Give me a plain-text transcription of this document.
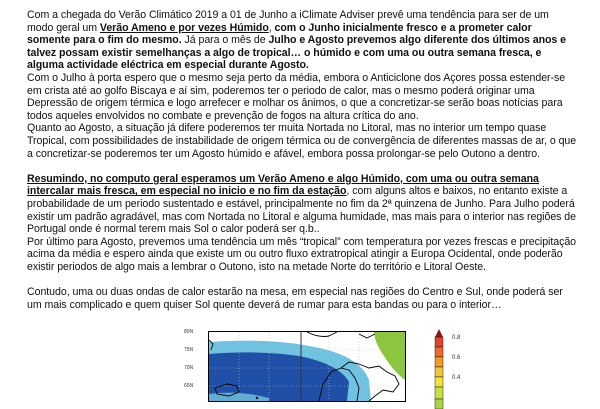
Com a chegada do Verão Climático 2019 a 01 de Junho a iClimate Adviser prevê uma tendência para ser de um modo geral um Verão Ameno e por vezes Húmido, com o Junho inicialmente fresco e a prometer calor somente para o fim do mesmo. Já para o mês de Julho e Agosto prevemos algo diferente dos últimos anos e talvez possam existir semelhanças a algo de tropical… o húmido e com uma ou outra semana fresca, e alguma actividade eléctrica em especial durante Agosto.

Com o Julho à porta espero que o mesmo seja perto da média, embora o Anticiclone dos Açores possa estender-se em crista até ao golfo Biscaya e aí sim, poderemos ter o periodo de calor, mas o mesmo poderá originar uma Depressão de origem térmica e logo arrefecer e molhar os ânimos, o que a concretizar-se serão boas notícias para todos aqueles envolvidos no combate e prevenção de fogos na altura crítica do ano.

Quanto ao Agosto, a situação já difere poderemos ter muita Nortada no Litoral, mas no interior um tempo quase Tropical, com possibilidades de instabilidade de origem térmica ou de convergência de diferentes massas de ar, o que a concretizar-se poderemos ter um Agosto húmido e afável, embora possa prolongar-se pelo Outono a dentro.

Resumindo, no computo geral esperamos um Verão Ameno e algo Húmido, com uma ou outra semana intercalar mais fresca, em especial no inicio e no fim da estação, com alguns altos e baixos, no entanto existe a probabilidade de um periodo sustentado e estável, principalmente no fim da 2ª quinzena de Junho. Para Julho poderá existir um padrão agradável, mas com Nortada no Litoral e alguma humidade, mas mais para o interior nas regiões de Portugal onde é normal terem mais Sol o calor poderá ser q.b..

Por último para Agosto, prevemos uma tendência um mês “tropical” com temperatura por vezes frescas e precipitação acima da média e espero ainda que existe um ou outro fluxo extratropical atingir a Europa Ocidental, onde poderão existir periodos de algo mais a lembrar o Outono, isto na metade Norte do território e Litoral Oeste.

Contudo, uma ou duas ondas de calor estarão na mesa, em especial nas regiões do Centro e Sul, onde poderá ser um mais complicado e quem quiser Sol quente deverá de rumar para esta bandas ou para o interior…

80N
75N
70N
65N
0.8
0.6
0.4
